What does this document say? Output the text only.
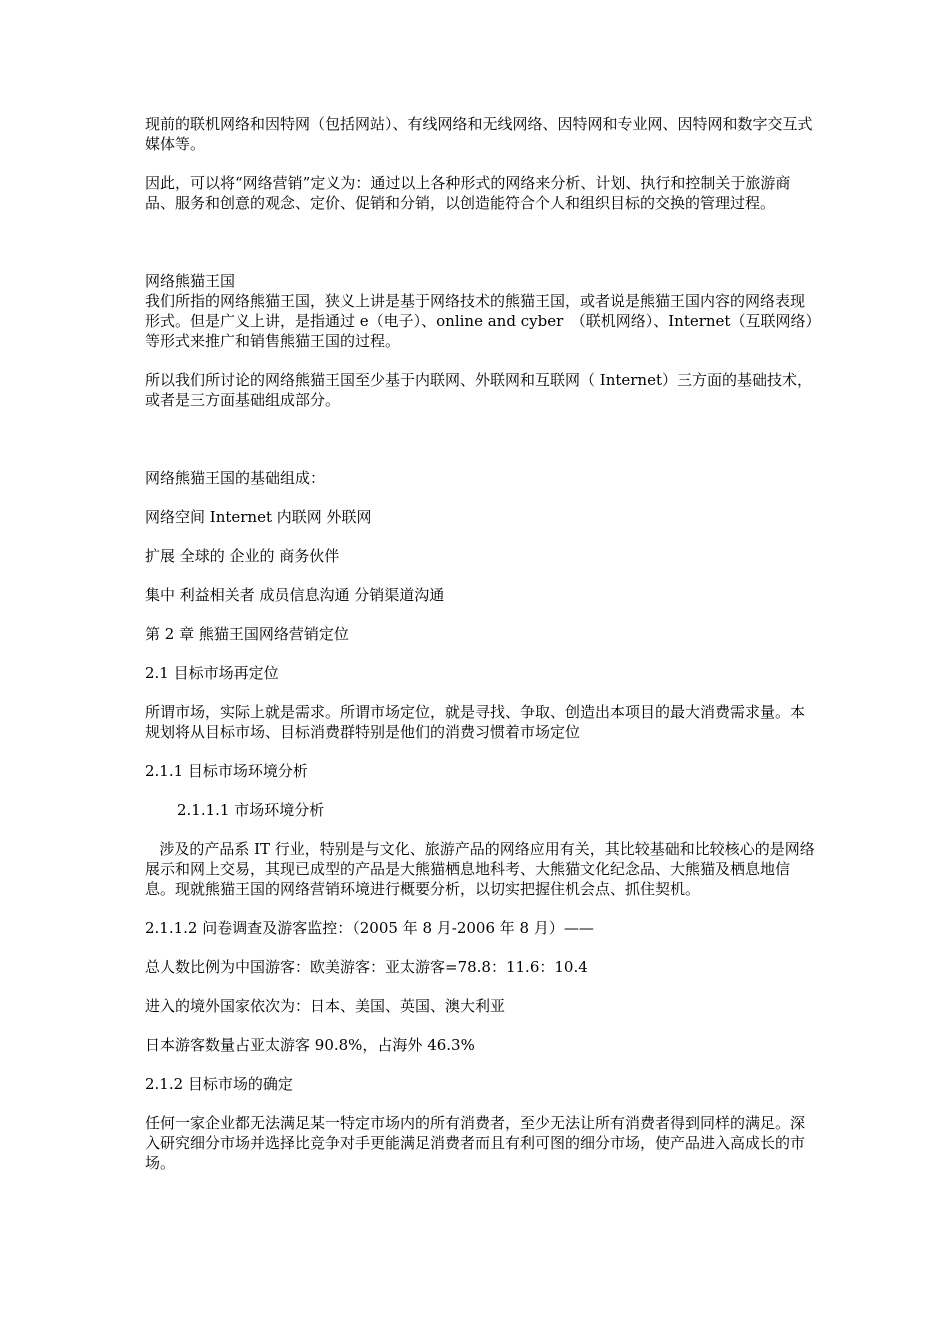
现前的联机网络和因特网（包括网站）、有线网络和无线网络、因特网和专业网、因特网和数字交互式媒体等。

因此，可以将“网络营销”定义为：通过以上各种形式的网络来分析、计划、执行和控制关于旅游商品、服务和创意的观念、定价、促销和分销，以创造能符合个人和组织目标的交换的管理过程。

网络熊猫王国

我们所指的网络熊猫王国，狭义上讲是基于网络技术的熊猫王国，或者说是熊猫王国内容的网络表现形式。但是广义上讲，是指通过 e（电子）、online and cyber　（联机网络）、Internet（互联网络）等形式来推广和销售熊猫王国的过程。

所以我们所讨论的网络熊猫王国至少基于内联网、外联网和互联网（ Internet）三方面的基础技术，或者是三方面基础组成部分。

网络熊猫王国的基础组成：

网络空间 Internet 内联网 外联网

扩展 全球的 企业的 商务伙伴

集中 利益相关者 成员信息沟通 分销渠道沟通

第 2 章 熊猫王国网络营销定位

2.1 目标市场再定位

所谓市场，实际上就是需求。所谓市场定位，就是寻找、争取、创造出本项目的最大消费需求量。本规划将从目标市场、目标消费群特别是他们的消费习惯着市场定位

2.1.1 目标市场环境分析

2.1.1.1 市场环境分析

涉及的产品系 IT 行业，特别是与文化、旅游产品的网络应用有关，其比较基础和比较核心的是网络展示和网上交易，其现已成型的产品是大熊猫栖息地科考、大熊猫文化纪念品、大熊猫及栖息地信息。现就熊猫王国的网络营销环境进行概要分析，以切实把握住机会点、抓住契机。

2.1.1.2 问卷调查及游客监控：（2005 年 8 月-2006 年 8 月）——

总人数比例为中国游客：欧美游客：亚太游客=78.8：11.6：10.4

进入的境外国家依次为：日本、美国、英国、澳大利亚

日本游客数量占亚太游客 90.8%，占海外 46.3%

2.1.2 目标市场的确定

任何一家企业都无法满足某一特定市场内的所有消费者，至少无法让所有消费者得到同样的满足。深入研究细分市场并选择比竞争对手更能满足消费者而且有利可图的细分市场，使产品进入高成长的市场。
